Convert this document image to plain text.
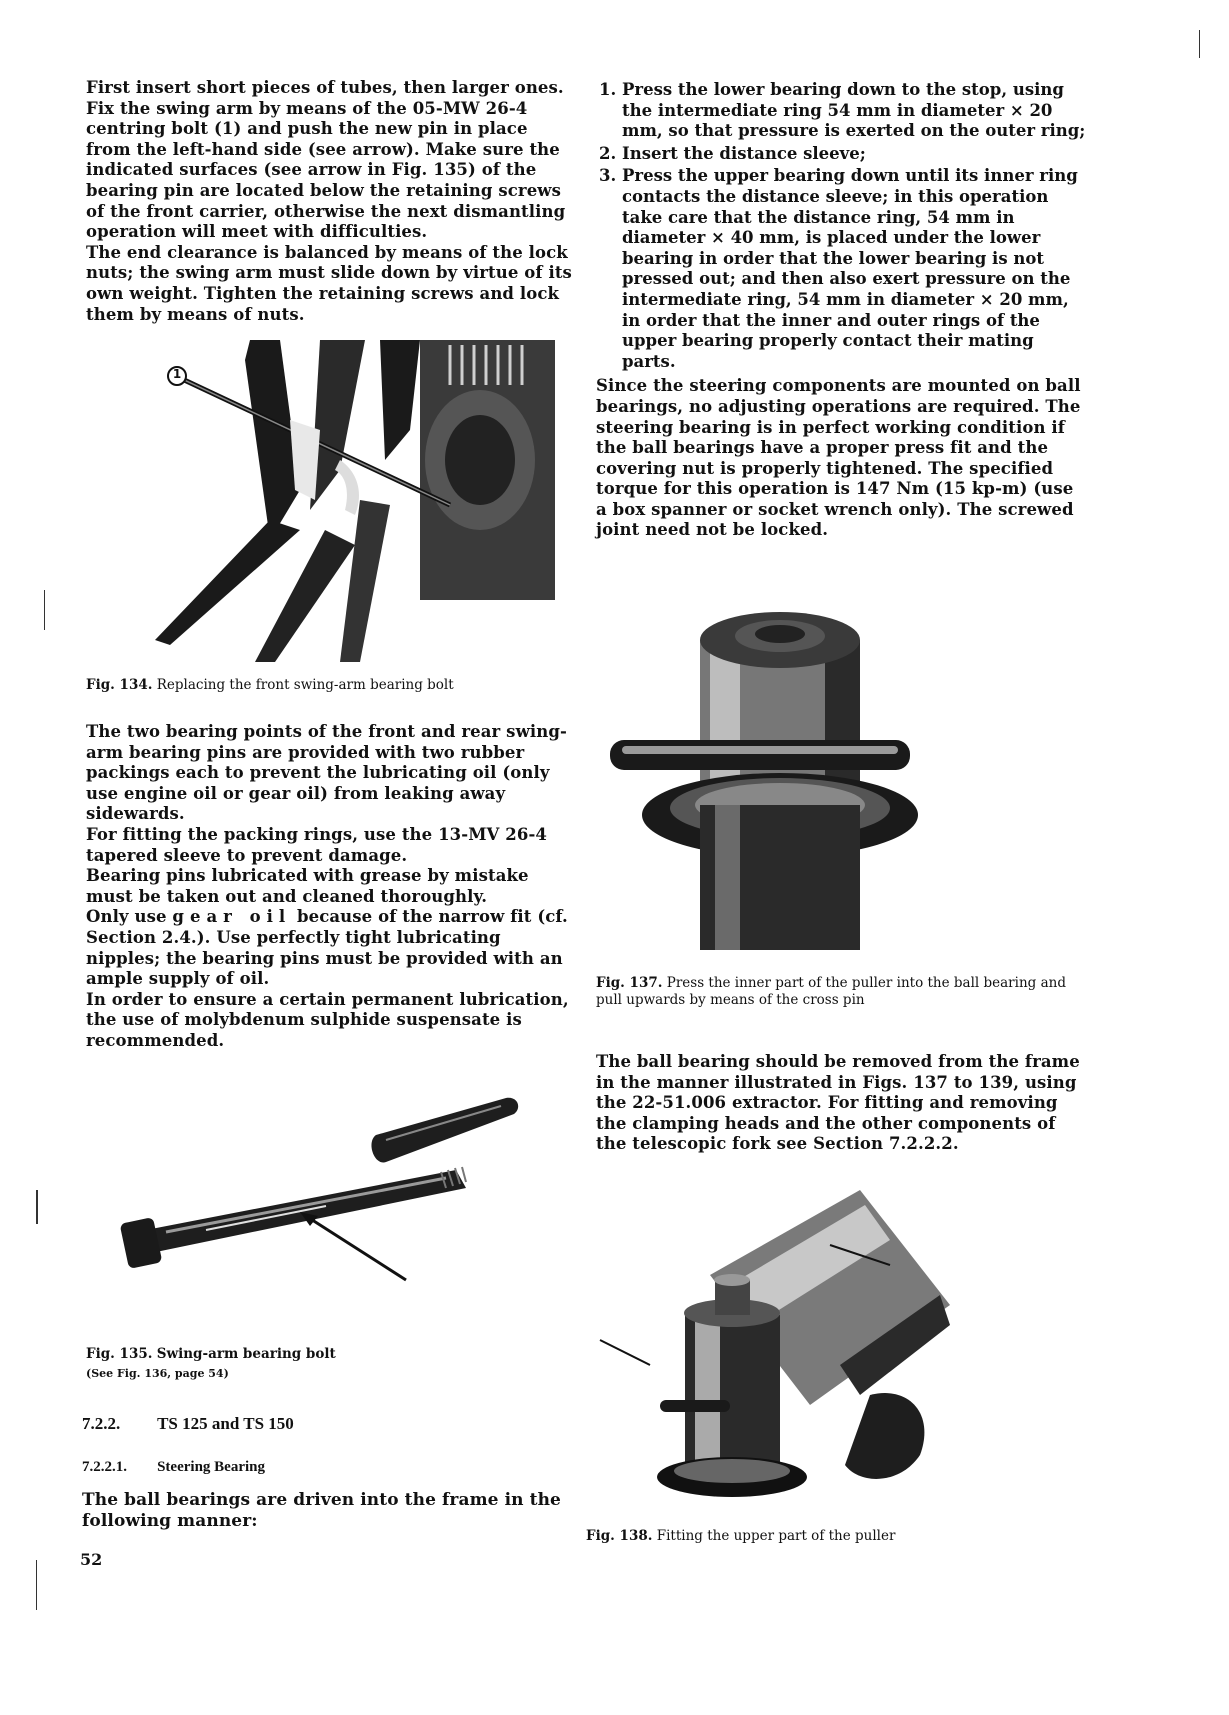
First insert short pieces of tubes, then larger ones. Fix the swing arm by means of the 05-MW 26-4 centring bolt (1) and push the new pin in place from the left-hand side (see arrow). Make sure the indicated surfaces (see arrow in Fig. 135) of the bearing pin are located below the retaining screws of the front carrier, otherwise the next dismantling operation will meet with difficulties.

The end clearance is balanced by means of the lock nuts; the swing arm must slide down by virtue of its own weight. Tighten the retaining screws and lock them by means of nuts.

1
Fig. 134. Replacing the front swing-arm bearing bolt

The two bearing points of the front and rear swing-arm bearing pins are provided with two rubber packings each to prevent the lubricating oil (only use engine oil or gear oil) from leaking away sidewards.

For fitting the packing rings, use the 13-MV 26-4 tapered sleeve to prevent damage.

Bearing pins lubricated with grease by mistake must be taken out and cleaned thoroughly.

Only use gear oil because of the narrow fit (cf. Section 2.4.). Use perfectly tight lubricating nipples; the bearing pins must be provided with an ample supply of oil.

In order to ensure a certain permanent lubrication, the use of molybdenum sulphide suspensate is recommended.

Fig. 135. Swing-arm bearing bolt
(See Fig. 136, page 54)
7.2.2. TS 125 and TS 150
7.2.2.1. Steering Bearing

The ball bearings are driven into the frame in the following manner:

52
1. Press the lower bearing down to the stop, using the intermediate ring 54 mm in diameter × 20 mm, so that pressure is exerted on the outer ring;
2. Insert the distance sleeve;
3. Press the upper bearing down until its inner ring contacts the distance sleeve; in this operation take care that the distance ring, 54 mm in diameter × 40 mm, is placed under the lower bearing in order that the lower bearing is not pressed out; and then also exert pressure on the intermediate ring, 54 mm in diameter × 20 mm, in order that the inner and outer rings of the upper bearing properly contact their mating parts.

Since the steering components are mounted on ball bearings, no adjusting operations are required. The steering bearing is in perfect working condition if the ball bearings have a proper press fit and the covering nut is properly tightened. The specified torque for this operation is 147 Nm (15 kp-m) (use a box spanner or socket wrench only). The screwed joint need not be locked.

Fig. 137. Press the inner part of the puller into the ball bearing and pull upwards by means of the cross pin

The ball bearing should be removed from the frame in the manner illustrated in Figs. 137 to 139, using the 22-51.006 extractor. For fitting and removing the clamping heads and the other components of the telescopic fork see Section 7.2.2.2.

Fig. 138. Fitting the upper part of the puller
